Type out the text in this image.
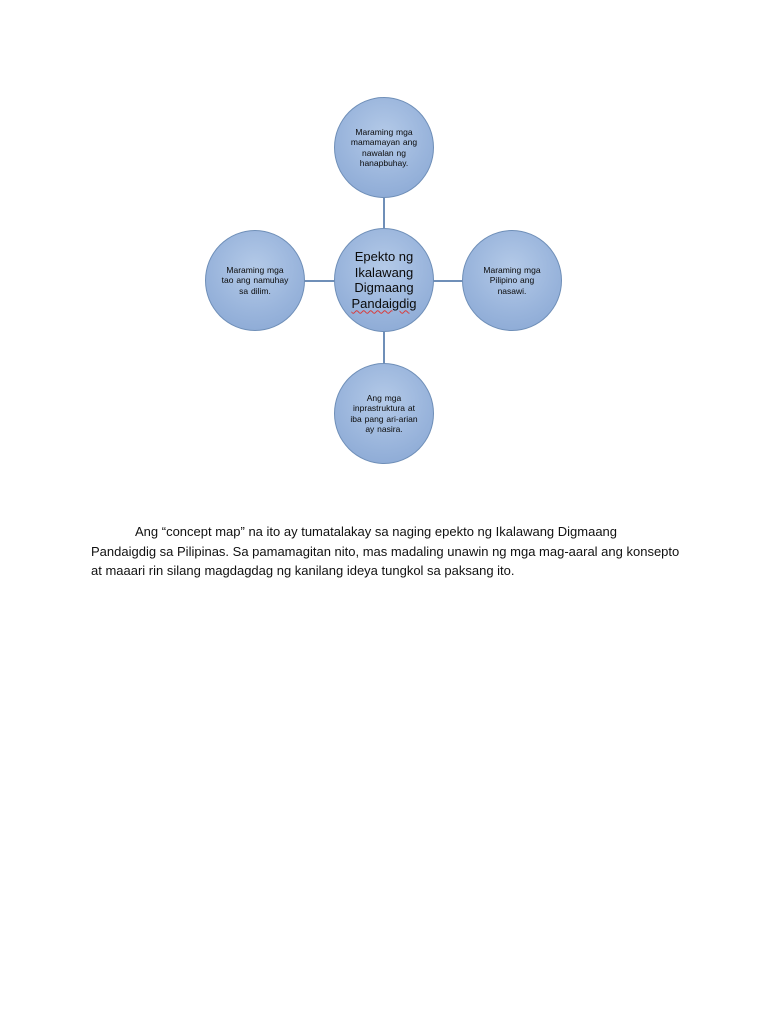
Maraming mga mamamayan ang nawalan ng hanapbuhay.
Maraming mga tao ang namuhay sa dilim.
Maraming mga Pilipino ang nasawi.
Ang mga inprastruktura at iba pang ari-arian ay nasira.
Epekto ng
Ikalawang
Digmaang
Pandaigdig

Ang “concept map” na ito ay tumatalakay sa naging epekto ng Ikalawang Digmaang Pandaigdig sa Pilipinas. Sa pamamagitan nito, mas madaling unawin ng mga mag-aaral ang konsepto at maaari rin silang magdagdag ng kanilang ideya tungkol sa paksang ito.
